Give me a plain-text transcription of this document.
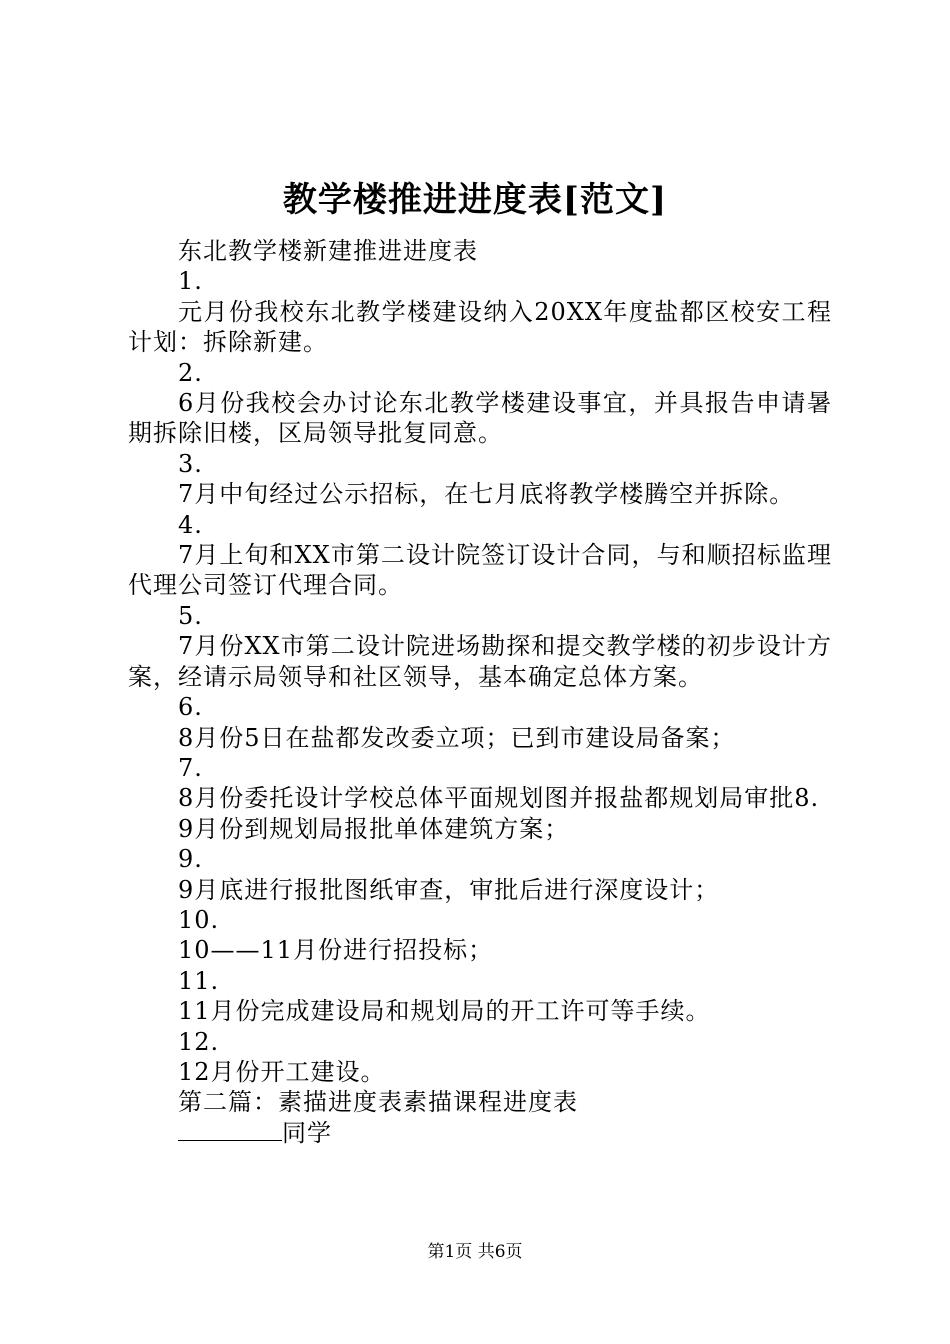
教学楼推进进度表[范文]

东北教学楼新建推进进度表

1.

元月份我校东北教学楼建设纳入20XX年度盐都区校安工程计划：拆除新建。

2.

6月份我校会办讨论东北教学楼建设事宜，并具报告申请暑期拆除旧楼，区局领导批复同意。

3.

7月中旬经过公示招标，在七月底将教学楼腾空并拆除。

4.

7月上旬和XX市第二设计院签订设计合同，与和顺招标监理代理公司签订代理合同。

5.

7月份XX市第二设计院进场勘探和提交教学楼的初步设计方案，经请示局领导和社区领导，基本确定总体方案。

6.

8月份5日在盐都发改委立项；已到市建设局备案；

7.

8月份委托设计学校总体平面规划图并报盐都规划局审批8.

9月份到规划局报批单体建筑方案；

9.

9月底进行报批图纸审查，审批后进行深度设计；

10.

10——11月份进行招投标；

11.

11月份完成建设局和规划局的开工许可等手续。

12.

12月份开工建设。

第二篇：素描进度表素描课程进度表

同学

第1页 共6页
